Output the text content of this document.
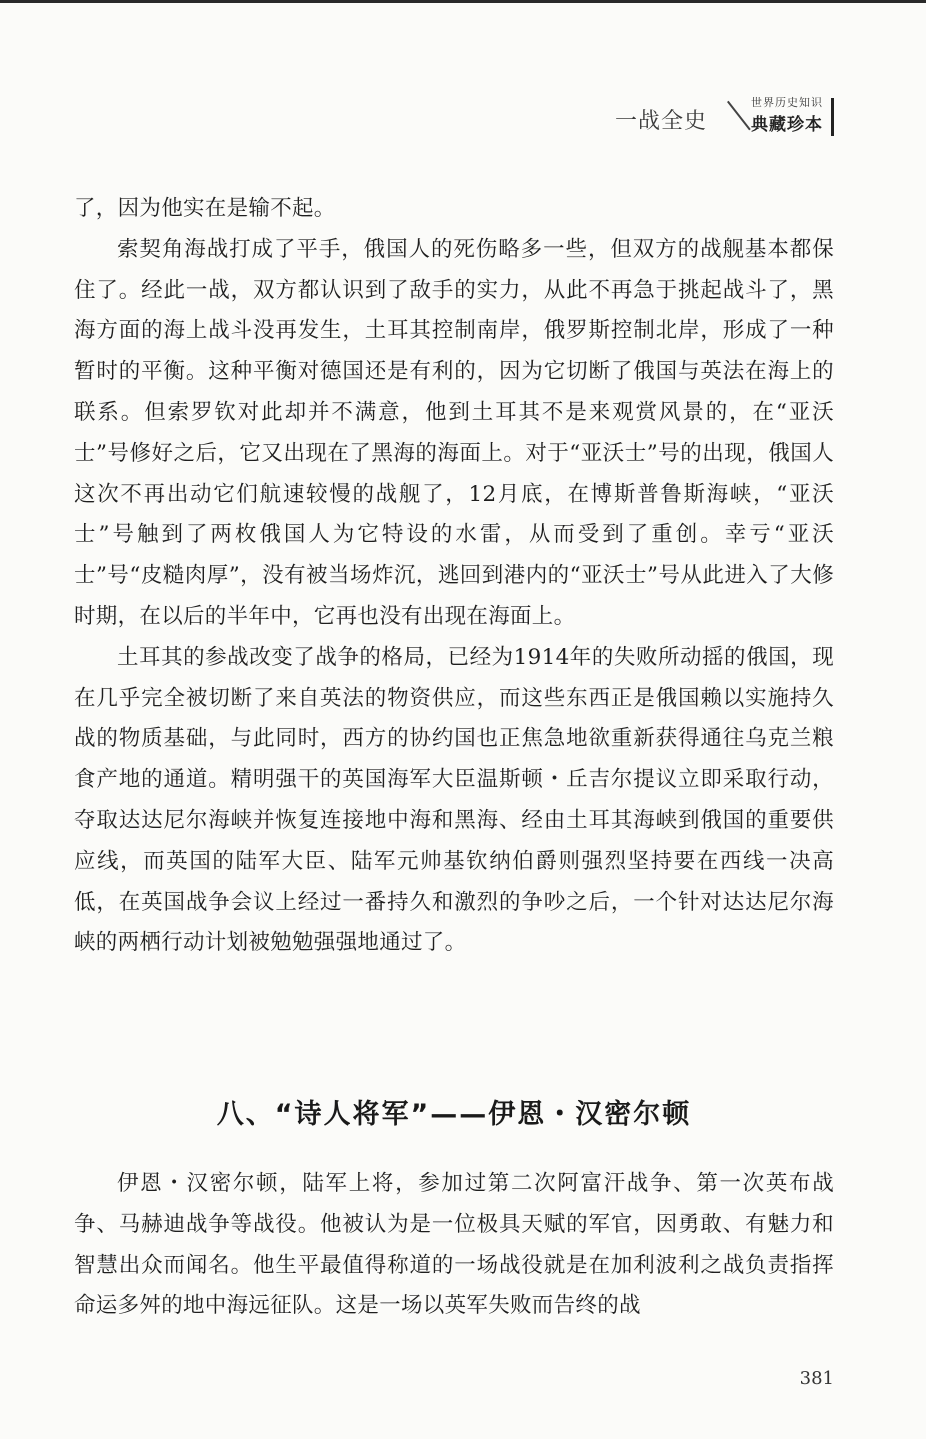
一战全史
世界历史知识
典藏珍本

了，因为他实在是输不起。

索契角海战打成了平手，俄国人的死伤略多一些，但双方的战舰基本都保住了。经此一战，双方都认识到了敌手的实力，从此不再急于挑起战斗了，黑海方面的海上战斗没再发生，土耳其控制南岸，俄罗斯控制北岸，形成了一种暂时的平衡。这种平衡对德国还是有利的，因为它切断了俄国与英法在海上的联系。但索罗钦对此却并不满意，他到土耳其不是来观赏风景的，在“亚沃士”号修好之后，它又出现在了黑海的海面上。对于“亚沃士”号的出现，俄国人这次不再出动它们航速较慢的战舰了，12月底，在博斯普鲁斯海峡，“亚沃士”号触到了两枚俄国人为它特设的水雷，从而受到了重创。幸亏“亚沃士”号“皮糙肉厚”，没有被当场炸沉，逃回到港内的“亚沃士”号从此进入了大修时期，在以后的半年中，它再也没有出现在海面上。

土耳其的参战改变了战争的格局，已经为1914年的失败所动摇的俄国，现在几乎完全被切断了来自英法的物资供应，而这些东西正是俄国赖以实施持久战的物质基础，与此同时，西方的协约国也正焦急地欲重新获得通往乌克兰粮食产地的通道。精明强干的英国海军大臣温斯顿・丘吉尔提议立即采取行动，夺取达达尼尔海峡并恢复连接地中海和黑海、经由土耳其海峡到俄国的重要供应线，而英国的陆军大臣、陆军元帅基钦纳伯爵则强烈坚持要在西线一决高低，在英国战争会议上经过一番持久和激烈的争吵之后，一个针对达达尼尔海峡的两栖行动计划被勉勉强强地通过了。

八、“诗人将军”——伊恩・汉密尔顿

伊恩・汉密尔顿，陆军上将，参加过第二次阿富汗战争、第一次英布战争、马赫迪战争等战役。他被认为是一位极具天赋的军官，因勇敢、有魅力和智慧出众而闻名。他生平最值得称道的一场战役就是在加利波利之战负责指挥命运多舛的地中海远征队。这是一场以英军失败而告终的战

381
